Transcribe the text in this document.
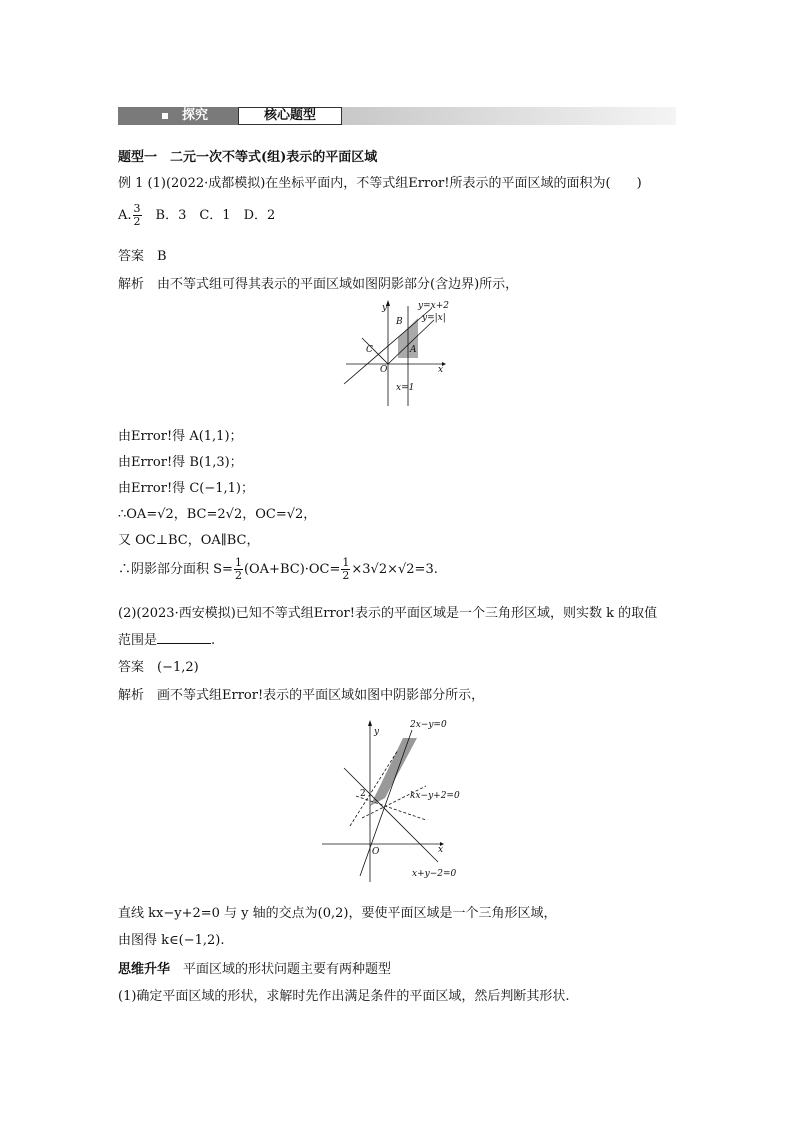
探究	核心题型
题型一　二元一次不等式(组)表示的平面区域
例 1 (1)(2022·成都模拟)在坐标平面内，不等式组Error!所表示的平面区域的面积为(　　)
A. $\frac{3}{2}$ 　B．3　C．1　D．2
答案　B
解析　由不等式组可得其表示的平面区域如图阴影部分(含边界)所示，
y
x
O
A
B
C
y=x+2
y=|x|
x=1
由Error!得 A(1,1)；
由Error!得 B(1,3)；
由Error!得 C(−1,1)；
∴OA=√2，BC=2√2，OC=√2，
又 OC⊥BC，OA∥BC，
∴阴影部分面积 $S= \frac{1}{2} (OA+BC)\cdot OC= \frac{1}{2} \times 3√2\times√2=3$.
(2)(2023·西安模拟)已知不等式组Error!表示的平面区域是一个三角形区域，则实数 k 的取值
范围是	.
答案　(−1,2)
解析　画不等式组Error!表示的平面区域如图中阴影部分所示，
y
x
O
2
2x−y=0
kx−y+2=0
x+y−2=0
直线 kx−y+2=0 与 y 轴的交点为(0,2)，要使平面区域是一个三角形区域，
由图得 k∈(−1,2).
思维升华　平面区域的形状问题主要有两种题型
(1)确定平面区域的形状，求解时先作出满足条件的平面区域，然后判断其形状.
